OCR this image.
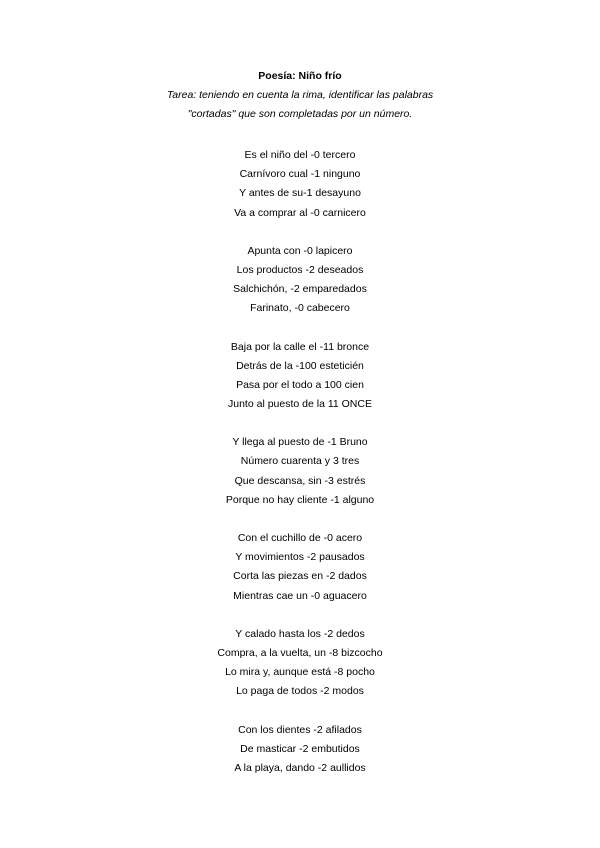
Poesía: Niño frío
Tarea: teniendo en cuenta la rima, identificar las palabras
"cortadas" que son completadas por un número.
Es el niño del -0 tercero
Carnívoro cual -1 ninguno
Y antes de su-1 desayuno
Va a comprar al -0 carnicero
Apunta con -0 lapicero
Los productos -2 deseados
Salchichón, -2 emparedados
Farinato, -0 cabecero
Baja por la calle el -11 bronce
Detrás de la -100 esteticién
Pasa por el todo a 100 cien
Junto al puesto de la 11 ONCE
Y llega al puesto de -1 Bruno
Número cuarenta y 3 tres
Que descansa, sin -3 estrés
Porque no hay cliente -1 alguno
Con el cuchillo de -0 acero
Y movimientos -2 pausados
Corta las piezas en -2 dados
Mientras cae un -0 aguacero
Y calado hasta los -2 dedos
Compra, a la vuelta, un -8 bizcocho
Lo mira y, aunque está -8 pocho
Lo paga de todos -2 modos
Con los dientes -2 afilados
De masticar -2 embutidos
A la playa, dando -2 aullidos
